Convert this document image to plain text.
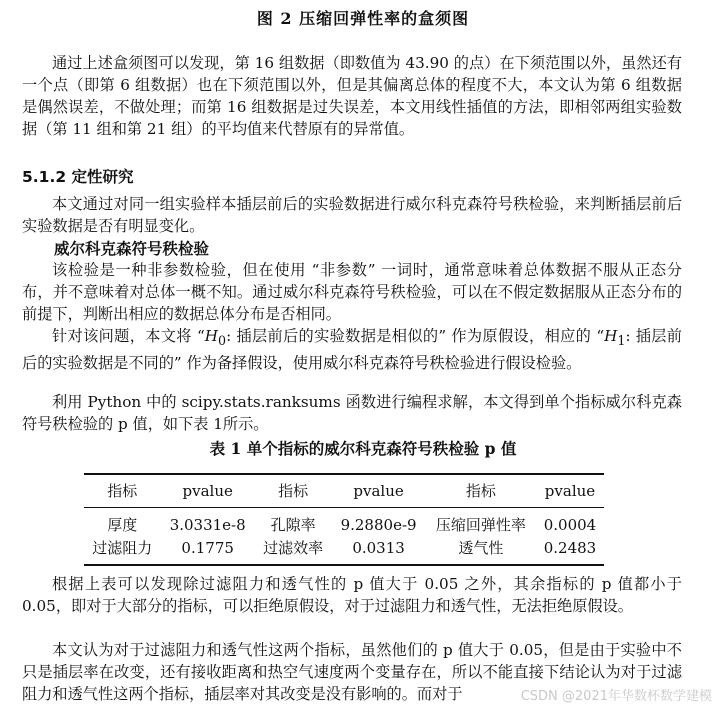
图 2 压缩回弹性率的盒须图

通过上述盒须图可以发现，第 16 组数据（即数值为 43.90 的点）在下须范围以外，虽然还有一个点（即第 6 组数据）也在下须范围以外，但是其偏离总体的程度不大，本文认为第 6 组数据是偶然误差，不做处理；而第 16 组数据是过失误差，本文用线性插值的方法，即相邻两组实验数据（第 11 组和第 21 组）的平均值来代替原有的异常值。

5.1.2 定性研究

本文通过对同一组实验样本插层前后的实验数据进行威尔科克森符号秩检验，来判断插层前后实验数据是否有明显变化。

威尔科克森符号秩检验

该检验是一种非参数检验，但在使用 “非参数” 一词时，通常意味着总体数据不服从正态分布，并不意味着对总体一概不知。通过威尔科克森符号秩检验，可以在不假定数据服从正态分布的前提下，判断出相应的数据总体分布是否相同。

针对该问题，本文将 “$H_0$: 插层前后的实验数据是相似的” 作为原假设，相应的 “$H_1$: 插层前后的实验数据是不同的” 作为备择假设，使用威尔科克森符号秩检验进行假设检验。

利用 Python 中的 scipy.stats.ranksums 函数进行编程求解，本文得到单个指标威尔科克森符号秩检验的 p 值，如下表 1所示。

表 1 单个指标的威尔科克森符号秩检验 p 值
指标	pvalue	指标	pvalue	指标	pvalue
厚度	3.0331e-8	孔隙率	9.2880e-9	压缩回弹性率	0.0004
过滤阻力	0.1775	过滤效率	0.0313	透气性	0.2483

根据上表可以发现除过滤阻力和透气性的 p 值大于 0.05 之外，其余指标的 p 值都小于 0.05，即对于大部分的指标，可以拒绝原假设，对于过滤阻力和透气性，无法拒绝原假设。

本文认为对于过滤阻力和透气性这两个指标，虽然他们的 p 值大于 0.05，但是由于实验中不只是插层率在改变，还有接收距离和热空气速度两个变量存在，所以不能直接下结论认为对于过滤阻力和透气性这两个指标，插层率对其改变是没有影响的。而对于	CSDN @2021年华数杯数学建模
